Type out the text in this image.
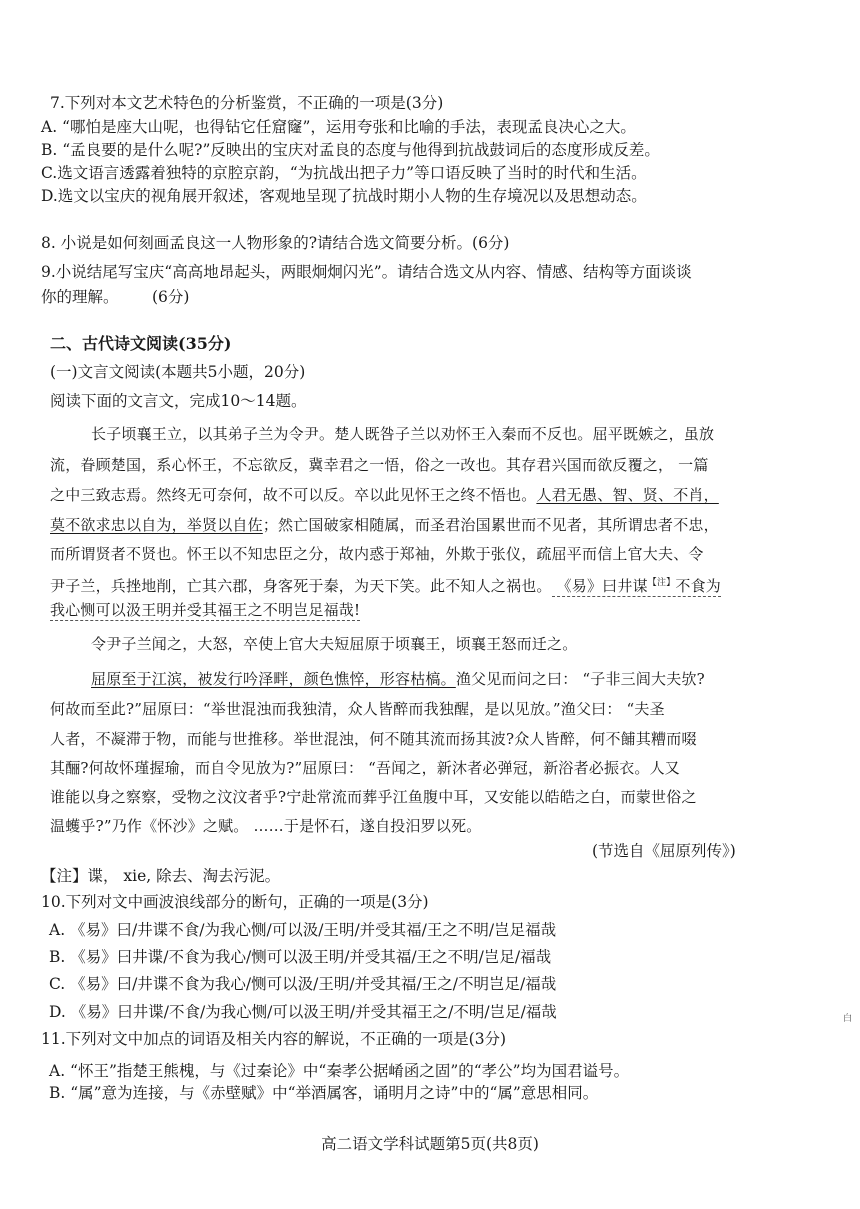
7.下列对本文艺术特色的分析鉴赏，不正确的一项是(3分)
A. “哪怕是座大山呢，也得钻它任窟窿”，运用夸张和比喻的手法，表现孟良决心之大。
B. “孟良要的是什么呢?”反映出的宝庆对孟良的态度与他得到抗战鼓词后的态度形成反差。
C.选文语言透露着独特的京腔京韵，“为抗战出把子力”等口语反映了当时的时代和生活。
D.选文以宝庆的视角展开叙述，客观地呈现了抗战时期小人物的生存境况以及思想动态。
8. 小说是如何刻画孟良这一人物形象的?请结合选文简要分析。(6分)
9.小说结尾写宝庆“高高地昂起头，两眼炯炯闪光”。请结合选文从内容、情感、结构等方面谈谈
你的理解。 (6分)
二、古代诗文阅读(35分)
(一)文言文阅读(本题共5小题，20分)
阅读下面的文言文，完成10～14题。
长子顷襄王立，以其弟子兰为令尹。楚人既咎子兰以劝怀王入秦而不反也。屈平既嫉之，虽放
流，眷顾楚国，系心怀王，不忘欲反，冀幸君之一悟，俗之一改也。其存君兴国而欲反覆之， 一篇
之中三致志焉。然终无可奈何，故不可以反。卒以此见怀王之终不悟也。人君无愚、智、贤、不肖，
莫不欲求忠以自为，举贤以自佐；然亡国破家相随属，而圣君治国累世而不见者，其所谓忠者不忠，
而所谓贤者不贤也。怀王以不知忠臣之分，故内惑于郑袖，外欺于张仪，疏屈平而信上官大夫、令
尹子兰，兵挫地削，亡其六郡，身客死于秦，为天下笑。此不知人之祸也。 《易》曰井谋$^{【注】}$不食为
我心恻可以汲王明并受其福王之不明岂足福哉!
令尹子兰闻之，大怒，卒使上官大夫短屈原于顷襄王，顷襄王怒而迁之。
屈原至于江滨，被发行吟泽畔，颜色憔悴，形容枯槁。渔父见而问之曰： “子非三闾大夫欤?
何故而至此?”屈原曰：“举世混浊而我独清，众人皆醉而我独醒，是以见放。”渔父曰： “夫圣
人者，不凝滞于物，而能与世推移。举世混浊，何不随其流而扬其波?众人皆醉，何不餔其糟而啜
其酾?何故怀瑾握瑜，而自令见放为?”屈原曰： “吾闻之，新沐者必弹冠，新浴者必振衣。人又
谁能以身之察察，受物之汶汶者乎?宁赴常流而葬乎江鱼腹中耳，又安能以皓皓之白，而蒙世俗之
温蠖乎?”乃作《怀沙》之赋。 ……于是怀石，遂自投汨罗以死。
(节选自《屈原列传》)
【注】谍， xie, 除去、淘去污泥。
10.下列对文中画波浪线部分的断句，正确的一项是(3分)
A. 《易》曰/井谍不食/为我心恻/可以汲/王明/并受其福/王之不明/岂足福哉
B. 《易》曰井谍/不食为我心/恻可以汲王明/并受其福/王之不明/岂足/福哉
C. 《易》曰/井谍不食为我心/恻可以汲/王明/并受其福/王之/不明岂足/福哉
D. 《易》曰井谍/不食/为我心恻/可以汲王明/并受其福王之/不明/岂足/福哉
11.下列对文中加点的词语及相关内容的解说，不正确的一项是(3分)
A. “怀王”指楚王熊槐，与《过秦论》中“秦孝公据崤函之固”的“孝公”均为国君谥号。
B. “属”意为连接，与《赤壁赋》中“举酒属客，诵明月之诗”中的“属”意思相同。
白
高二语文学科试题第5页(共8页)
